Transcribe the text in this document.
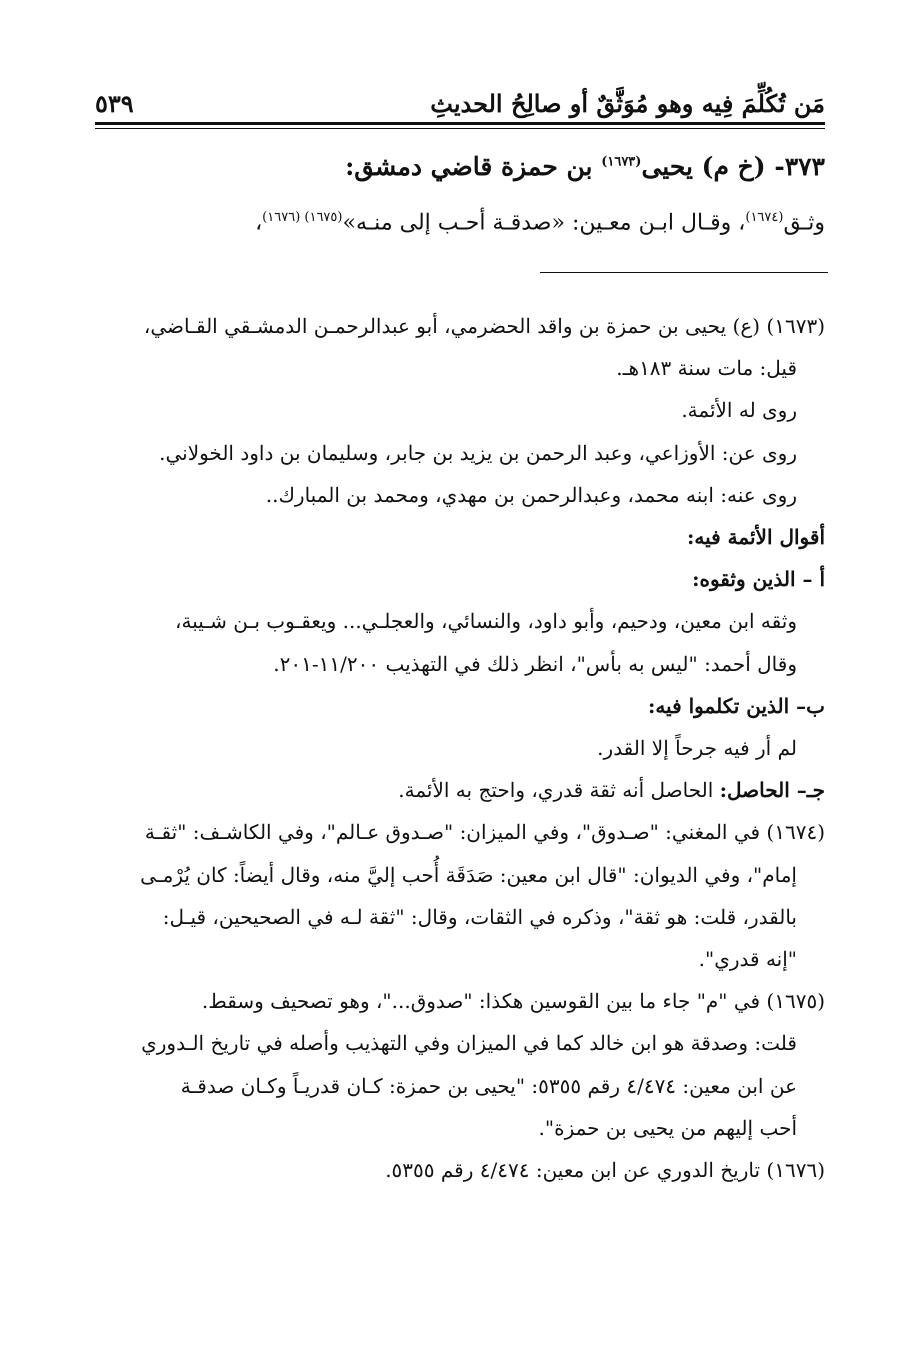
مَن تُكُلِّمَ فِيه وهو مُوَثَّقٌ أو صالِحُ الحديثِ
٥٣٩
٣٧٣- (خ م) يحيى$^{(١٦٧٣)}$ بن حمزة قاضي دمشق:
وثـق$^{(١٦٧٤)}$، وقـال ابـن معـين: «صدقـة أحـب إلى منـه»$^{(١٦٧٥) (١٦٧٦)}$،

(١٦٧٣) (ع) يحيى بن حمزة بن واقد الحضرمي، أبو عبدالرحمـن الدمشـقي القـاضي،

قيل: مات سنة ١٨٣هـ.

روى له الأئمة.

روى عن: الأوزاعي، وعبد الرحمن بن يزيد بن جابر، وسليمان بن داود الخولاني.

روى عنه: ابنه محمد، وعبدالرحمن بن مهدي، ومحمد بن المبارك..

أقوال الأئمة فيه:

أ – الذين وثقوه:

وثقه ابن معين، ودحيم، وأبو داود، والنسائي، والعجلـي... ويعقـوب بـن شـيبة،

وقال أحمد: "ليس به بأس"، انظر ذلك في التهذيب ١١/٢٠٠-٢٠١.

ب– الذين تكلموا فيه:

لم أر فيه جرحاً إلا القدر.

جـ– الحاصل: الحاصل أنه ثقة قدري، واحتج به الأئمة.

(١٦٧٤) في المغني: "صـدوق"، وفي الميزان: "صـدوق عـالم"، وفي الكاشـف: "ثقـة

إمام"، وفي الديوان: "قال ابن معين: صَدَقَة أُحب إليَّ منه، وقال أيضاً: كان يُرْمـى

بالقدر، قلت: هو ثقة"، وذكره في الثقات، وقال: "ثقة لـه في الصحيحين، قيـل:

"إنه قدري".

(١٦٧٥) في "م" جاء ما بين القوسين هكذا: "صدوق..."، وهو تصحيف وسقط.

قلت: وصدقة هو ابن خالد كما في الميزان وفي التهذيب وأصله في تاريخ الـدوري

عن ابن معين: ٤/٤٧٤ رقم ٥٣٥٥: "يحيى بن حمزة: كـان قدريـاً وكـان صدقـة

أحب إليهم من يحيى بن حمزة".

(١٦٧٦) تاريخ الدوري عن ابن معين: ٤/٤٧٤ رقم ٥٣٥٥.
